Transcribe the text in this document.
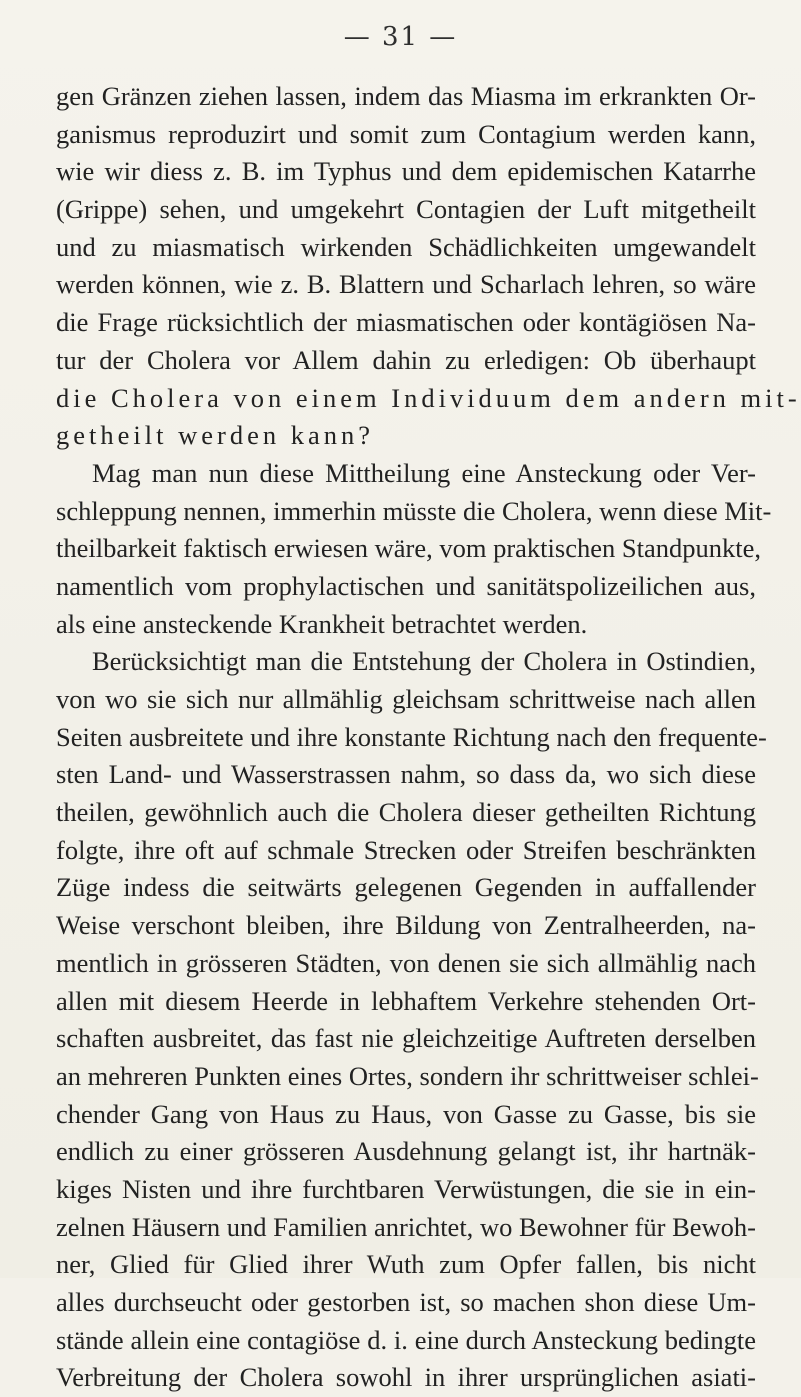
— 31 —
gen Gränzen ziehen lassen, indem das Miasma im erkrankten Or-
ganismus reproduzirt und somit zum Contagium werden kann,
wie wir diess z. B. im Typhus und dem epidemischen Katarrhe
(Grippe) sehen, und umgekehrt Contagien der Luft mitgetheilt
und zu miasmatisch wirkenden Schädlichkeiten umgewandelt
werden können, wie z. B. Blattern und Scharlach lehren, so wäre
die Frage rücksichtlich der miasmatischen oder kontägiösen Na-
tur der Cholera vor Allem dahin zu erledigen: Ob überhaupt
die Cholera von einem Individuum dem andern mit-
getheilt werden kann?
Mag man nun diese Mittheilung eine Ansteckung oder Ver-
schleppung nennen, immerhin müsste die Cholera, wenn diese Mit-
theilbarkeit faktisch erwiesen wäre, vom praktischen Standpunkte,
namentlich vom prophylactischen und sanitätspolizeilichen aus,
als eine ansteckende Krankheit betrachtet werden.
Berücksichtigt man die Entstehung der Cholera in Ostindien,
von wo sie sich nur allmählig gleichsam schrittweise nach allen
Seiten ausbreitete und ihre konstante Richtung nach den frequente-
sten Land- und Wasserstrassen nahm, so dass da, wo sich diese
theilen, gewöhnlich auch die Cholera dieser getheilten Richtung
folgte, ihre oft auf schmale Strecken oder Streifen beschränkten
Züge indess die seitwärts gelegenen Gegenden in auffallender
Weise verschont bleiben, ihre Bildung von Zentralheerden, na-
mentlich in grösseren Städten, von denen sie sich allmählig nach
allen mit diesem Heerde in lebhaftem Verkehre stehenden Ort-
schaften ausbreitet, das fast nie gleichzeitige Auftreten derselben
an mehreren Punkten eines Ortes, sondern ihr schrittweiser schlei-
chender Gang von Haus zu Haus, von Gasse zu Gasse, bis sie
endlich zu einer grösseren Ausdehnung gelangt ist, ihr hartnäk-
kiges Nisten und ihre furchtbaren Verwüstungen, die sie in ein-
zelnen Häusern und Familien anrichtet, wo Bewohner für Bewoh-
ner, Glied für Glied ihrer Wuth zum Opfer fallen, bis nicht
alles durchseucht oder gestorben ist, so machen shon diese Um-
stände allein eine contagiöse d. i. eine durch Ansteckung bedingte
Verbreitung der Cholera sowohl in ihrer ursprünglichen asiati-
